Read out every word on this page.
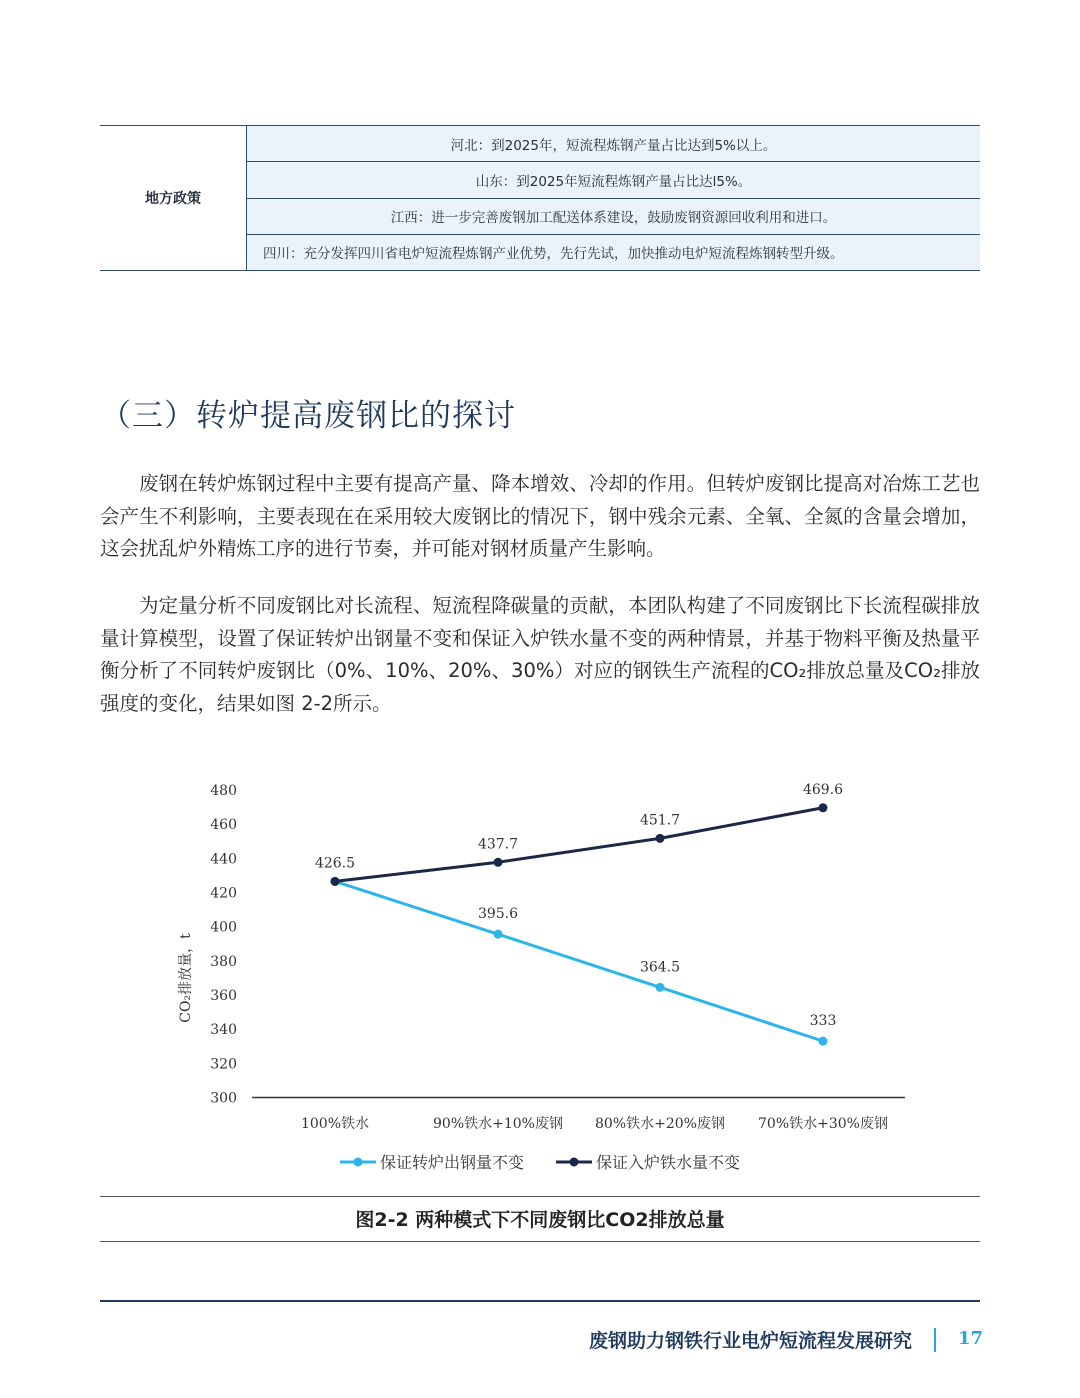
地方政策
河北：到2025年，短流程炼钢产量占比达到5%以上。
山东：到2025年短流程炼钢产量占比达l5%。
江西：进一步完善废钢加工配送体系建设，鼓励废钢资源回收利用和进口。
四川：充分发挥四川省电炉短流程炼钢产业优势，先行先试，加快推动电炉短流程炼钢转型升级。
（三）转炉提高废钢比的探讨

废钢在转炉炼钢过程中主要有提高产量、降本增效、冷却的作用。但转炉废钢比提高对冶炼工艺也会产生不利影响，主要表现在在采用较大废钢比的情况下，钢中残余元素、全氧、全氮的含量会增加，这会扰乱炉外精炼工序的进行节奏，并可能对钢材质量产生影响。

为定量分析不同废钢比对长流程、短流程降碳量的贡献，本团队构建了不同废钢比下长流程碳排放量计算模型，设置了保证转炉出钢量不变和保证入炉铁水量不变的两种情景，并基于物料平衡及热量平衡分析了不同转炉废钢比（0%、10%、20%、30%）对应的钢铁生产流程的CO₂排放总量及CO₂排放强度的变化，结果如图 2-2所示。

300
320
340
360
380
400
420
440
460
480
CO₂排放量，t
100%铁水	90%铁水+10%废钢 80%铁水+20%废钢 70%铁水+30%废钢
395.6
364.5
333
426.5
437.7
451.7
469.6
保证转炉出钢量不变	保证入炉铁水量不变
图2-2 两种模式下不同废钢比CO2排放总量
废钢助力钢铁行业电炉短流程发展研究	17
